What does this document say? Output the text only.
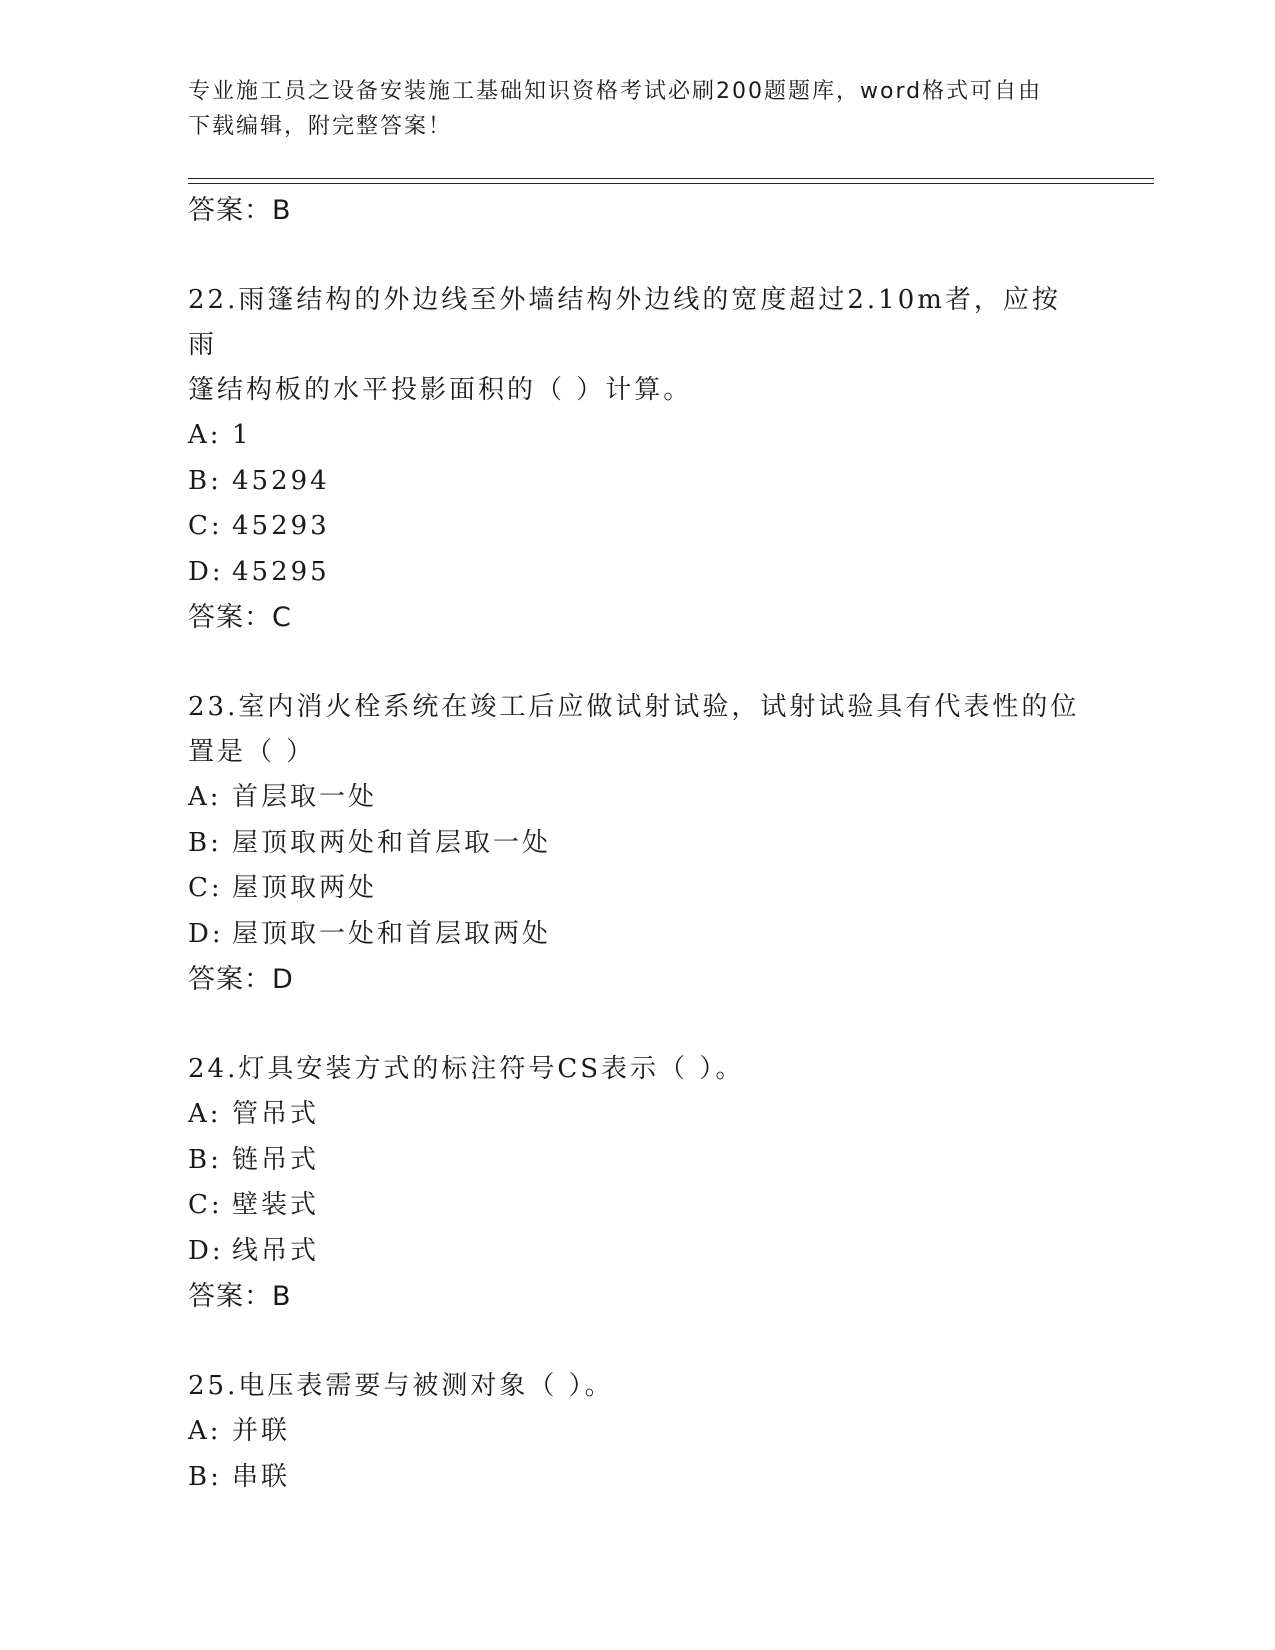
专业施工员之设备安装施工基础知识资格考试必刷200题题库，word格式可自由
下载编辑，附完整答案！
答案：B
22.雨篷结构的外边线至外墙结构外边线的宽度超过2.10m者，应按雨
篷结构板的水平投影面积的（ ）计算。
A: 1
B: 45294
C: 45293
D: 45295
答案：C
23.室内消火栓系统在竣工后应做试射试验，试射试验具有代表性的位
置是（ ）
A: 首层取一处
B: 屋顶取两处和首层取一处
C: 屋顶取两处
D: 屋顶取一处和首层取两处
答案：D
24.灯具安装方式的标注符号CS表示（ ）。
A: 管吊式
B: 链吊式
C: 壁装式
D: 线吊式
答案：B
25.电压表需要与被测对象（ ）。
A: 并联
B: 串联
